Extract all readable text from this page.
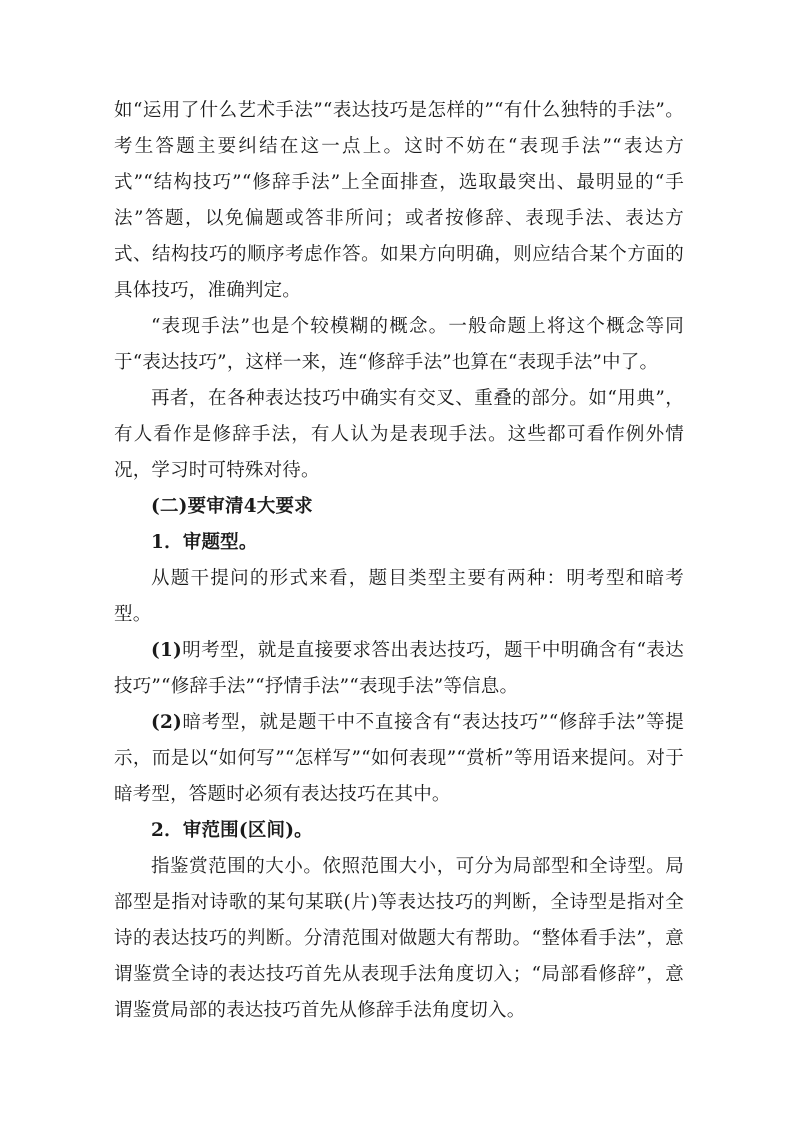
如“运用了什么艺术手法”“表达技巧是怎样的”“有什么独特的手法”。考生答题主要纠结在这一点上。这时不妨在“表现手法”“表达方式”“结构技巧”“修辞手法”上全面排查，选取最突出、最明显的“手法”答题，以免偏题或答非所问；或者按修辞、表现手法、表达方式、结构技巧的顺序考虑作答。如果方向明确，则应结合某个方面的具体技巧，准确判定。

“表现手法”也是个较模糊的概念。一般命题上将这个概念等同于“表达技巧”，这样一来，连“修辞手法”也算在“表现手法”中了。

再者，在各种表达技巧中确实有交叉、重叠的部分。如“用典”，有人看作是修辞手法，有人认为是表现手法。这些都可看作例外情况，学习时可特殊对待。

(二)要审清4大要求

1．审题型。

从题干提问的形式来看，题目类型主要有两种：明考型和暗考型。

(1)明考型，就是直接要求答出表达技巧，题干中明确含有“表达技巧”“修辞手法”“抒情手法”“表现手法”等信息。

(2)暗考型，就是题干中不直接含有“表达技巧”“修辞手法”等提示，而是以“如何写”“怎样写”“如何表现”“赏析”等用语来提问。对于暗考型，答题时必须有表达技巧在其中。

2．审范围(区间)。

指鉴赏范围的大小。依照范围大小，可分为局部型和全诗型。局部型是指对诗歌的某句某联(片)等表达技巧的判断，全诗型是指对全诗的表达技巧的判断。分清范围对做题大有帮助。“整体看手法”，意谓鉴赏全诗的表达技巧首先从表现手法角度切入；“局部看修辞”，意谓鉴赏局部的表达技巧首先从修辞手法角度切入。
